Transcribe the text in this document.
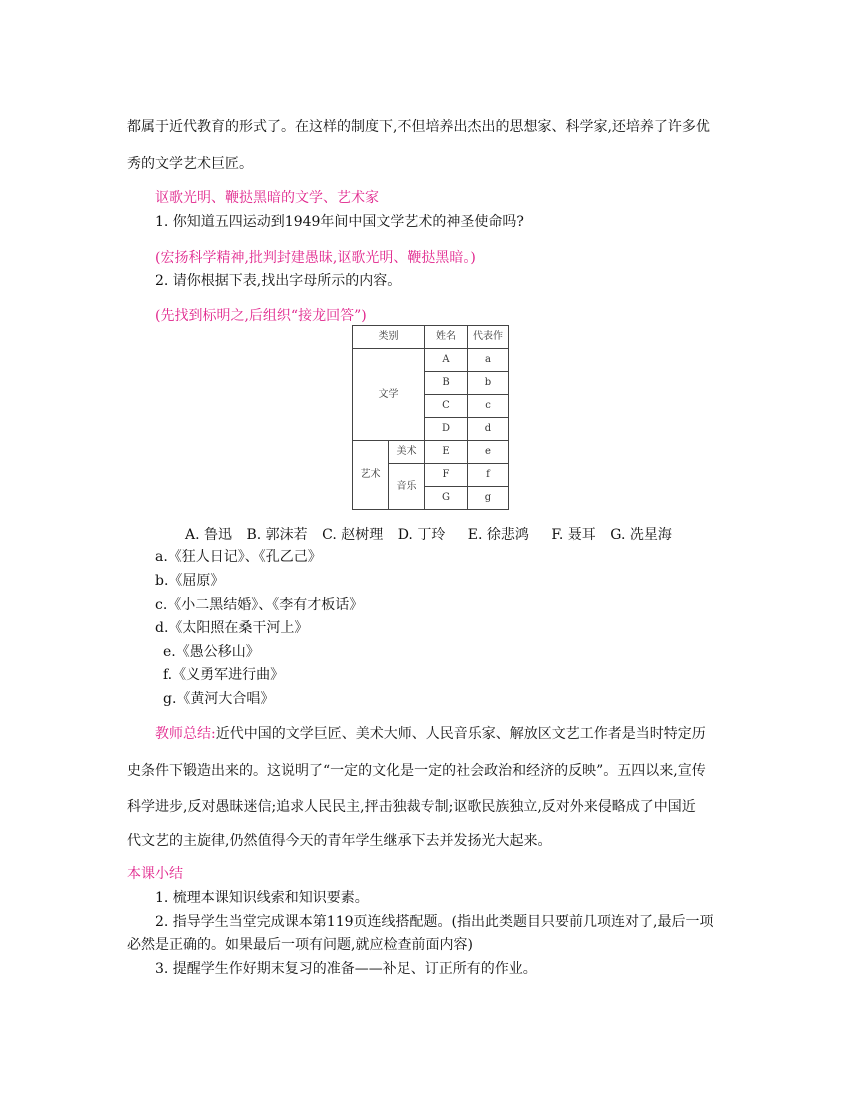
都属于近代教育的形式了。在这样的制度下,不但培养出杰出的思想家、科学家,还培养了许多优
秀的文学艺术巨匠。
讴歌光明、鞭挞黑暗的文学、艺术家
1. 你知道五四运动到1949年间中国文学艺术的神圣使命吗?
(宏扬科学精神,批判封建愚昧,讴歌光明、鞭挞黑暗。)
2. 请你根据下表,找出字母所示的内容。
(先找到标明之,后组织“接龙回答”)
类别		姓名	代表作
文学		A	a
		B	b
		C	c
		D	d
艺术	美术	E	e
	音乐	F	f
		G	g
A. 鲁迅 B. 郭沫若 C. 赵树理 D. 丁玲 E. 徐悲鸿 F. 聂耳 G. 冼星海
a.《狂人日记》、《孔乙己》
b.《屈原》
c.《小二黑结婚》、《李有才板话》
d.《太阳照在桑干河上》
e.《愚公移山》
f.《义勇军进行曲》
g.《黄河大合唱》
教师总结:近代中国的文学巨匠、美术大师、人民音乐家、解放区文艺工作者是当时特定历
史条件下锻造出来的。这说明了“一定的文化是一定的社会政治和经济的反映”。五四以来,宣传
科学进步,反对愚昧迷信;追求人民民主,抨击独裁专制;讴歌民族独立,反对外来侵略成了中国近
代文艺的主旋律,仍然值得今天的青年学生继承下去并发扬光大起来。
本课小结
1. 梳理本课知识线索和知识要素。
2. 指导学生当堂完成课本第119页连线搭配题。(指出此类题目只要前几项连对了,最后一项
必然是正确的。如果最后一项有问题,就应检查前面内容)
3. 提醒学生作好期末复习的准备——补足、订正所有的作业。
